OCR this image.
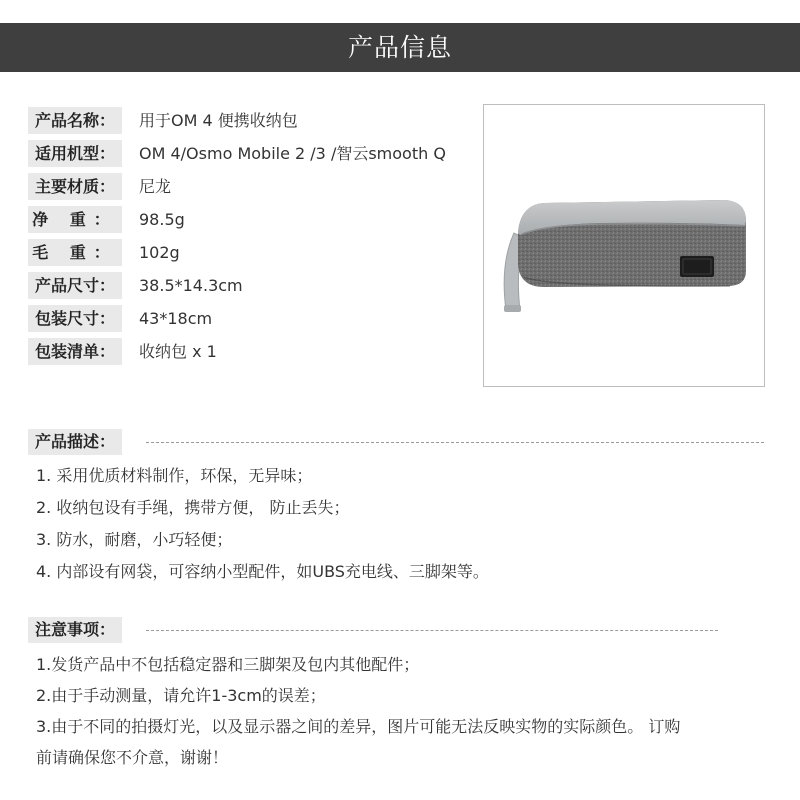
产品信息
产品名称：	用于OM 4 便携收纳包
适用机型：	OM 4/Osmo Mobile 2 /3 /智云smooth Q
主要材质：	尼龙
净 重： 98.5g
毛 重： 102g
产品尺寸：	38.5*14.3cm
包装尺寸：	43*18cm
包装清单：	收纳包 x 1
产品描述：
1. 采用优质材料制作，环保，无异味；
2. 收纳包设有手绳，携带方便， 防止丢失；
3. 防水，耐磨，小巧轻便；
4. 内部设有网袋，可容纳小型配件，如UBS充电线、三脚架等。
注意事项：
1.发货产品中不包括稳定器和三脚架及包内其他配件；
2.由于手动测量，请允许1-3cm的误差；
3.由于不同的拍摄灯光，以及显示器之间的差异，图片可能无法反映实物的实际颜色。 订购
前请确保您不介意，谢谢！
